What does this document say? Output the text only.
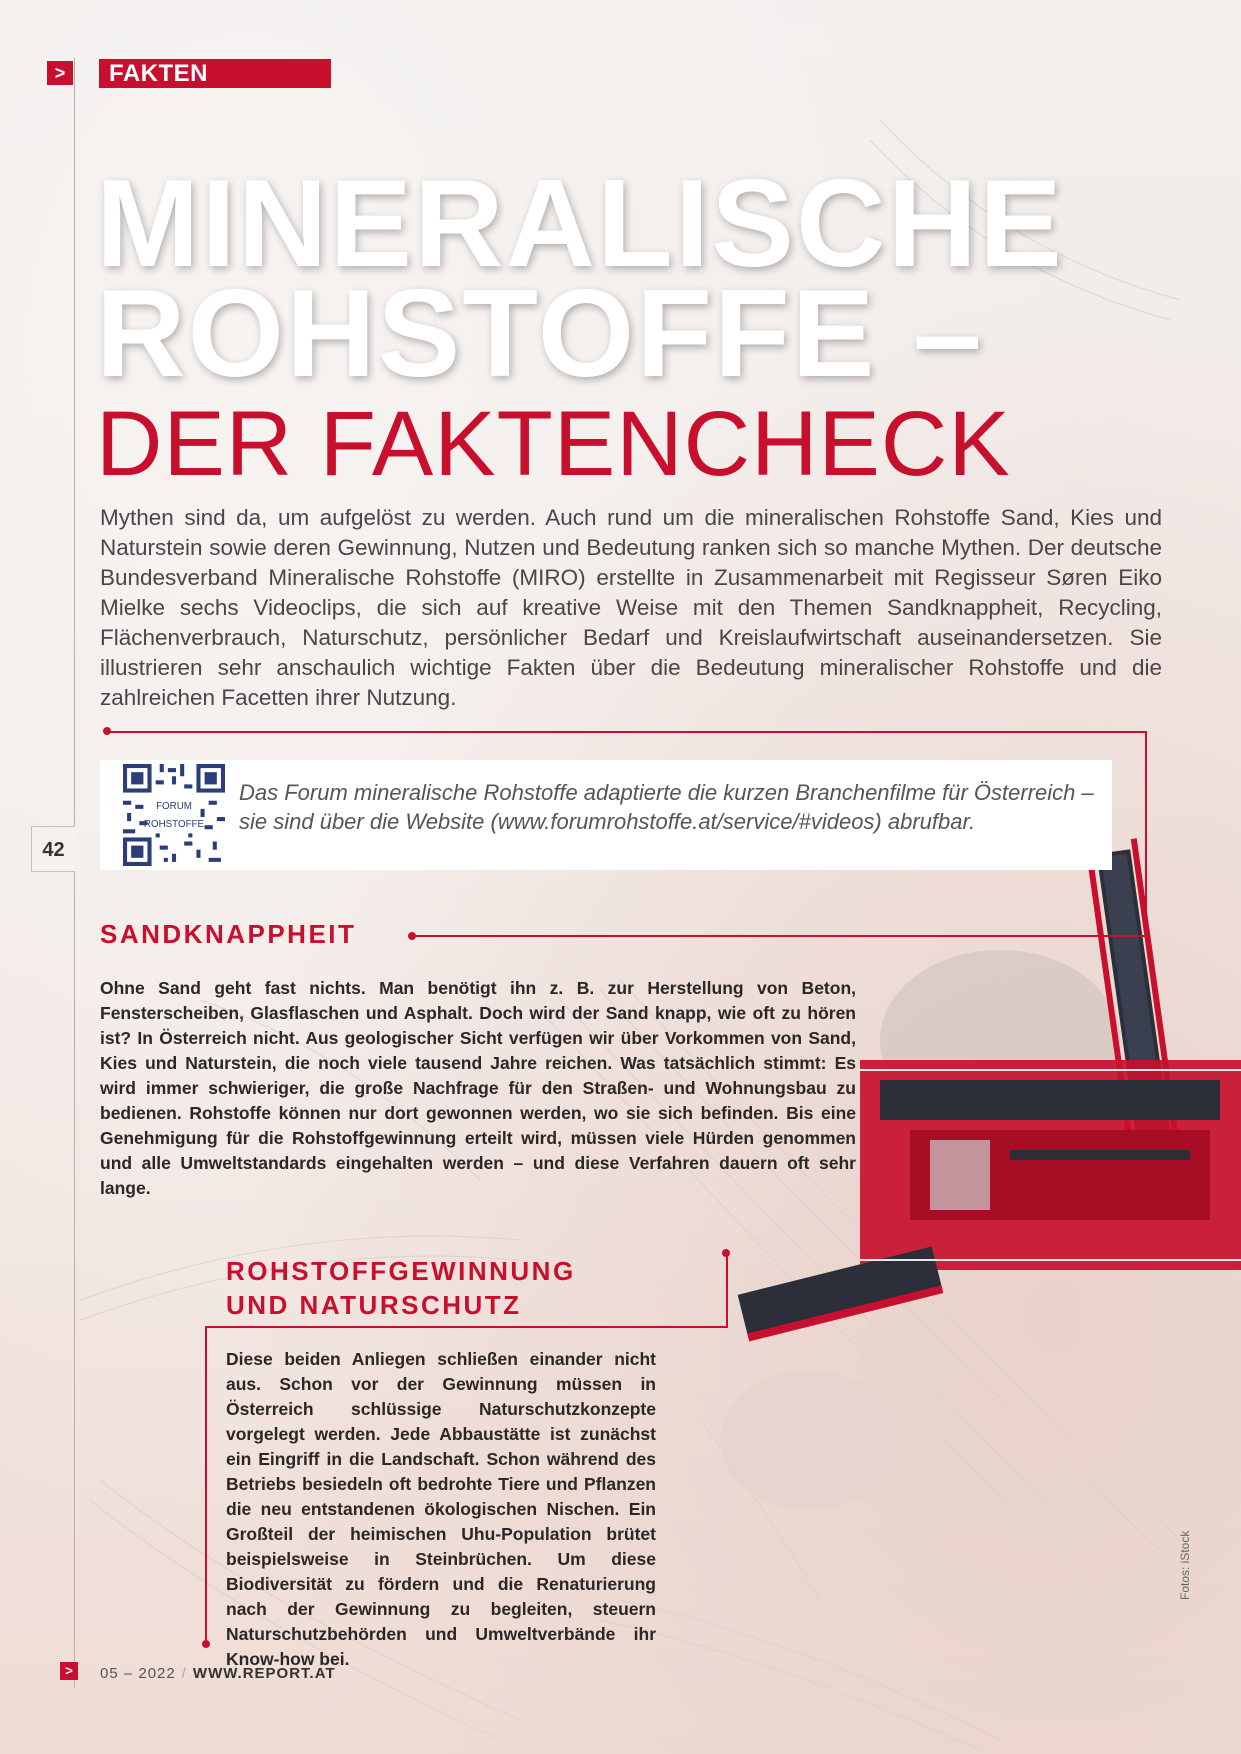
>	FAKTEN
MINERALISCHE
ROHSTOFFE –
DER FAKTENCHECK
Mythen sind da, um aufgelöst zu werden. Auch rund um die mineralischen Rohstoffe Sand, Kies und Naturstein sowie deren Gewinnung, Nutzen und Bedeutung ranken sich so manche Mythen. Der deutsche Bundesverband Mineralische Rohstoffe (MIRO) erstellte in Zusammenarbeit mit Regisseur Søren Eiko Mielke sechs Videoclips, die sich auf kreative Weise mit den Themen Sandknappheit, Recycling, Flächenverbrauch, Naturschutz, persönlicher Bedarf und Kreislaufwirtschaft auseinandersetzen. Sie illustrieren sehr anschaulich wichtige Fakten über die Bedeutung mineralischer Rohstoffe und die zahlreichen Facetten ihrer Nutzung.
FORUM
ROHSTOFFE
Das Forum mineralische Rohstoffe adaptierte die kurzen Branchenfilme für Österreich – sie sind über die Website (www.forumrohstoffe.at/service/#videos) abrufbar.
42
SANDKNAPPHEIT
Ohne Sand geht fast nichts. Man benötigt ihn z. B. zur Herstellung von Beton, Fensterscheiben, Glasflaschen und Asphalt. Doch wird der Sand knapp, wie oft zu hören ist? In Österreich nicht. Aus geologischer Sicht verfügen wir über Vorkommen von Sand, Kies und Naturstein, die noch viele tausend Jahre reichen. Was tatsächlich stimmt: Es wird immer schwieriger, die große Nachfrage für den Straßen- und Wohnungsbau zu bedienen. Rohstoffe können nur dort gewonnen werden, wo sie sich befinden. Bis eine Genehmigung für die Rohstoffgewinnung erteilt wird, müssen viele Hürden genommen und alle Umweltstandards eingehalten werden – und diese Verfahren dauern oft sehr lange.
ROHSTOFFGEWINNUNG
UND NATURSCHUTZ
Diese beiden Anliegen schließen einander nicht aus. Schon vor der Gewinnung müssen in Österreich schlüssige Naturschutzkonzepte vorgelegt werden. Jede Abbaustätte ist zunächst ein Eingriff in die Landschaft. Schon während des Betriebs besiedeln oft bedrohte Tiere und Pflanzen die neu entstandenen ökologischen Nischen. Ein Großteil der heimischen Uhu-Population brütet beispielsweise in Steinbrüchen. Um diese Biodiversität zu fördern und die Renaturierung nach der Gewinnung zu begleiten, steuern Naturschutzbehörden und Umweltverbände ihr Know-how bei.
>	05 – 2022 / WWW.REPORT.AT
Fotos: iStock
